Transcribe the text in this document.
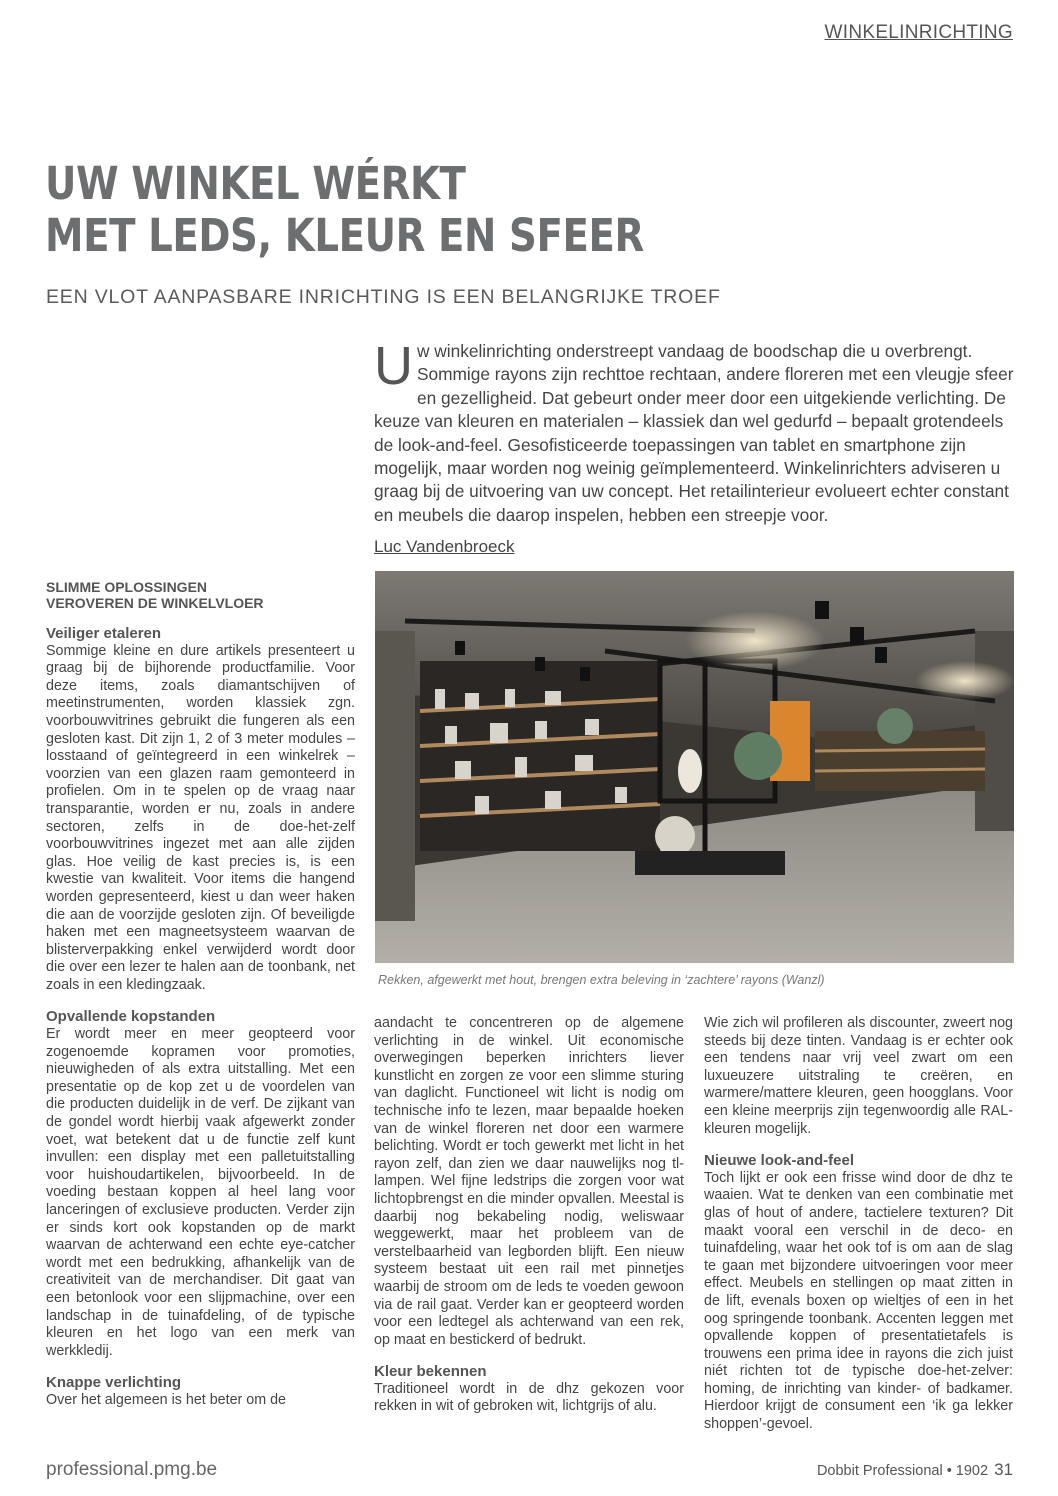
WINKELINRICHTING
UW WINKEL WÉRKT
MET LEDS, KLEUR EN SFEER
EEN VLOT AANPASBARE INRICHTING IS EEN BELANGRIJKE TROEF
Uw winkelinrichting onderstreept vandaag de boodschap die u overbrengt. Sommige rayons zijn rechttoe rechtaan, andere floreren met een vleugje sfeer en gezelligheid. Dat gebeurt onder meer door een uitgekiende verlichting. De keuze van kleuren en materialen – klassiek dan wel gedurfd – bepaalt grotendeels de look-and-feel. Gesofisticeerde toepassingen van tablet en smartphone zijn mogelijk, maar worden nog weinig geïmplementeerd. Winkelinrichters adviseren u graag bij de uitvoering van uw concept. Het retailinterieur evolueert echter constant en meubels die daarop inspelen, hebben een streepje voor.
Luc Vandenbroeck
Rekken, afgewerkt met hout, brengen extra beleving in ‘zachtere’ rayons (Wanzl)
SLIMME OPLOSSINGEN
VEROVEREN DE WINKELVLOER

Veiliger etaleren

Sommige kleine en dure artikels presenteert u graag bij de bijhorende productfamilie. Voor deze items, zoals diamantschijven of meetinstrumenten, worden klassiek zgn. voorbouwvitrines gebruikt die fungeren als een gesloten kast. Dit zijn 1, 2 of 3 meter modules – losstaand of geïntegreerd in een winkelrek – voorzien van een glazen raam gemonteerd in profielen. Om in te spelen op de vraag naar transparantie, worden er nu, zoals in andere sectoren, zelfs in de doe-het-zelf voorbouwvitrines ingezet met aan alle zijden glas. Hoe veilig de kast precies is, is een kwestie van kwaliteit. Voor items die hangend worden gepresenteerd, kiest u dan weer haken die aan de voorzijde gesloten zijn. Of beveiligde haken met een magneetsysteem waarvan de blisterverpakking enkel verwijderd wordt door die over een lezer te halen aan de toonbank, net zoals in een kledingzaak.

Opvallende kopstanden

Er wordt meer en meer geopteerd voor zogenoemde kopramen voor promoties, nieuwigheden of als extra uitstalling. Met een presentatie op de kop zet u de voordelen van die producten duidelijk in de verf. De zijkant van de gondel wordt hierbij vaak afgewerkt zonder voet, wat betekent dat u de functie zelf kunt invullen: een display met een palletuitstalling voor huishoudartikelen, bijvoorbeeld. In de voeding bestaan koppen al heel lang voor lanceringen of exclusieve producten. Verder zijn er sinds kort ook kopstanden op de markt waarvan de achterwand een echte eye-catcher wordt met een bedrukking, afhankelijk van de creativiteit van de merchandiser. Dit gaat van een betonlook voor een slijpmachine, over een landschap in de tuinafdeling, of de typische kleuren en het logo van een merk van werkkledij.

Knappe verlichting

Over het algemeen is het beter om de

aandacht te concentreren op de algemene verlichting in de winkel. Uit economische overwegingen beperken inrichters liever kunstlicht en zorgen ze voor een slimme sturing van daglicht. Functioneel wit licht is nodig om technische info te lezen, maar bepaalde hoeken van de winkel floreren net door een warmere belichting. Wordt er toch gewerkt met licht in het rayon zelf, dan zien we daar nauwelijks nog tl-lampen. Wel fijne ledstrips die zorgen voor wat lichtopbrengst en die minder opvallen. Meestal is daarbij nog bekabeling nodig, weliswaar weggewerkt, maar het probleem van de verstelbaarheid van legborden blijft. Een nieuw systeem bestaat uit een rail met pinnetjes waarbij de stroom om de leds te voeden gewoon via de rail gaat. Verder kan er geopteerd worden voor een ledtegel als achterwand van een rek, op maat en bestickerd of bedrukt.

Kleur bekennen

Traditioneel wordt in de dhz gekozen voor rekken in wit of gebroken wit, lichtgrijs of alu.

Wie zich wil profileren als discounter, zweert nog steeds bij deze tinten. Vandaag is er echter ook een tendens naar vrij veel zwart om een luxueuzere uitstraling te creëren, en warmere/mattere kleuren, geen hoogglans. Voor een kleine meerprijs zijn tegenwoordig alle RAL-kleuren mogelijk.

Nieuwe look-and-feel

Toch lijkt er ook een frisse wind door de dhz te waaien. Wat te denken van een combinatie met glas of hout of andere, tactielere texturen? Dit maakt vooral een verschil in de deco- en tuinafdeling, waar het ook tof is om aan de slag te gaan met bijzondere uitvoeringen voor meer effect. Meubels en stellingen op maat zitten in de lift, evenals boxen op wieltjes of een in het oog springende toonbank. Accenten leggen met opvallende koppen of presentatietafels is trouwens een prima idee in rayons die zich juist niét richten tot de typische doe-het-zelver: homing, de inrichting van kinder- of badkamer. Hierdoor krijgt de consument een ‘ik ga lekker shoppen’-gevoel.

professional.pmg.be	Dobbit Professional • 1902 31
